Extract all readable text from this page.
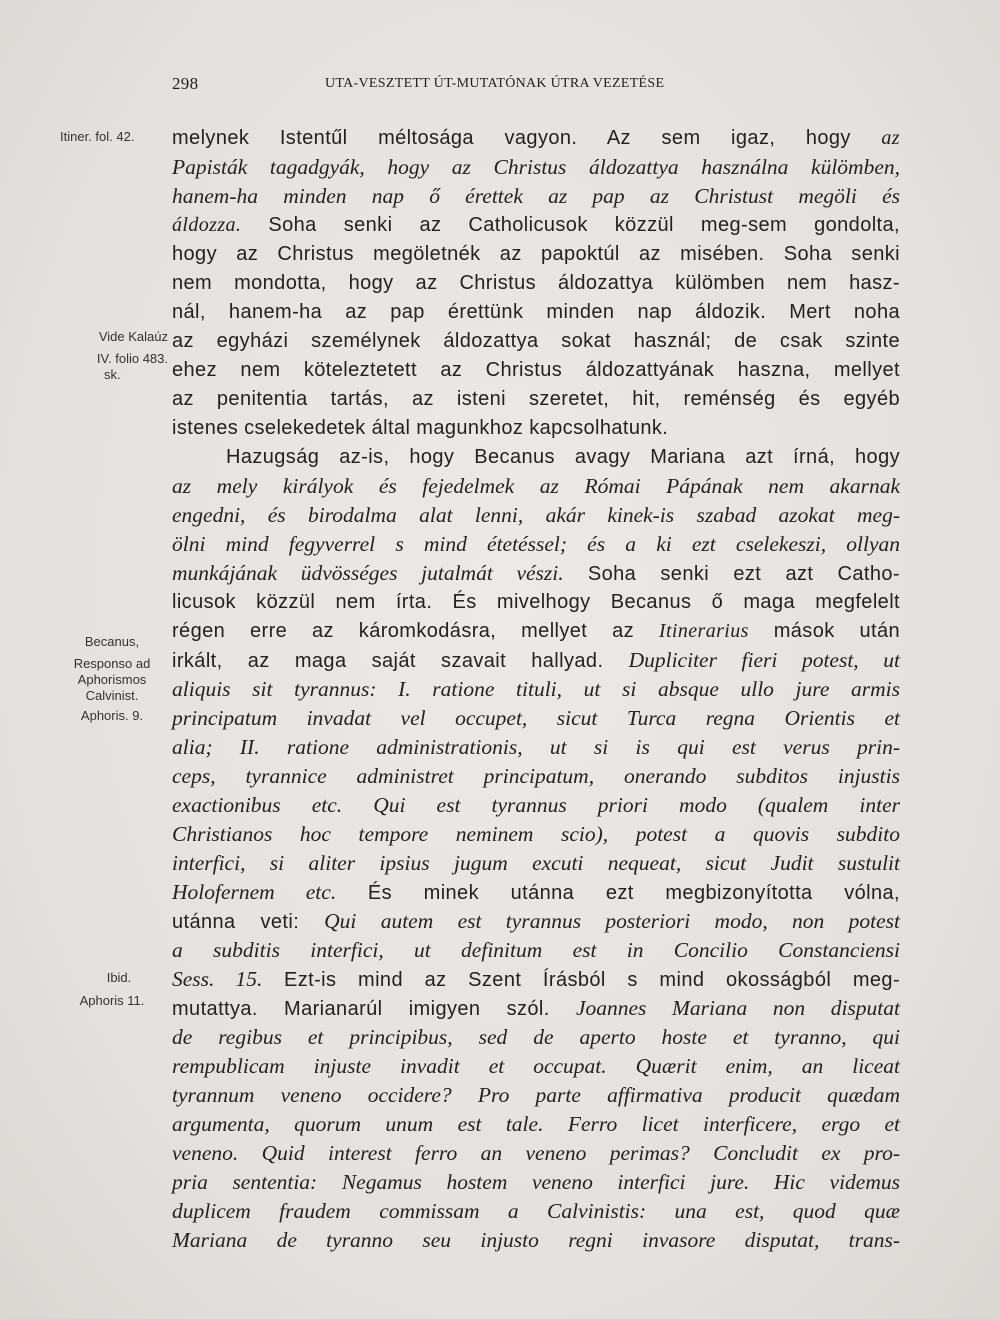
298	UTA-VESZTETT ÚT-MUTATÓNAK ÚTRA VEZETÉSE
Itiner. fol. 42.
Vide Kalaúz
IV. folio 483.
sk.
Becanus,
Responso ad
Aphorismos
Calvinist.
Aphoris. 9.
Ibid.
Aphoris 11.
melynek Istentűl méltosága vagyon. Az sem igaz, hogy az
Papisták tagadgyák, hogy az Christus áldozattya használna külömben,
hanem-ha minden nap ő érettek az pap az Christust megöli és
áldozza. Soha senki az Catholicusok közzül meg-sem gondolta,
hogy az Christus megöletnék az papoktúl az misében. Soha senki
nem mondotta, hogy az Christus áldozattya külömben nem hasz-
nál, hanem-ha az pap érettünk minden nap áldozik. Mert noha
az egyházi személynek áldozattya sokat használ; de csak szinte
ehez nem köteleztetett az Christus áldozattyának haszna, mellyet
az penitentia tartás, az isteni szeretet, hit, reménség és egyéb
istenes cselekedetek által magunkhoz kapcsolhatunk.
Hazugság az-is, hogy Becanus avagy Mariana azt írná, hogy
az mely királyok és fejedelmek az Római Pápának nem akarnak
engedni, és birodalma alat lenni, akár kinek-is szabad azokat meg-
ölni mind fegyverrel s mind étetéssel; és a ki ezt cselekeszi, ollyan
munkájának üdvösséges jutalmát vészi. Soha senki ezt azt Catho-
licusok közzül nem írta. És mivelhogy Becanus ő maga megfelelt
régen erre az káromkodásra, mellyet az Itinerarius mások után
irkált, az maga saját szavait hallyad. Dupliciter fieri potest, ut
aliquis sit tyrannus: I. ratione tituli, ut si absque ullo jure armis
principatum invadat vel occupet, sicut Turca regna Orientis et
alia; II. ratione administrationis, ut si is qui est verus prin-
ceps, tyrannice administret principatum, onerando subditos injustis
exactionibus etc. Qui est tyrannus priori modo (qualem inter
Christianos hoc tempore neminem scio), potest a quovis subdito
interfici, si aliter ipsius jugum excuti nequeat, sicut Judit sustulit
Holofernem etc. És minek utánna ezt megbizonyította vólna,
utánna veti: Qui autem est tyrannus posteriori modo, non potest
a subditis interfici, ut definitum est in Concilio Constanciensi
Sess. 15. Ezt-is mind az Szent Írásból s mind okosságból meg-
mutattya. Marianarúl imigyen szól. Joannes Mariana non disputat
de regibus et principibus, sed de aperto hoste et tyranno, qui
rempublicam injuste invadit et occupat. Quærit enim, an liceat
tyrannum veneno occidere? Pro parte affirmativa producit quædam
argumenta, quorum unum est tale. Ferro licet interficere, ergo et
veneno. Quid interest ferro an veneno perimas? Concludit ex pro-
pria sententia: Negamus hostem veneno interfici jure. Hic videmus
duplicem fraudem commissam a Calvinistis: una est, quod quæ
Mariana de tyranno seu injusto regni invasore disputat, trans-
